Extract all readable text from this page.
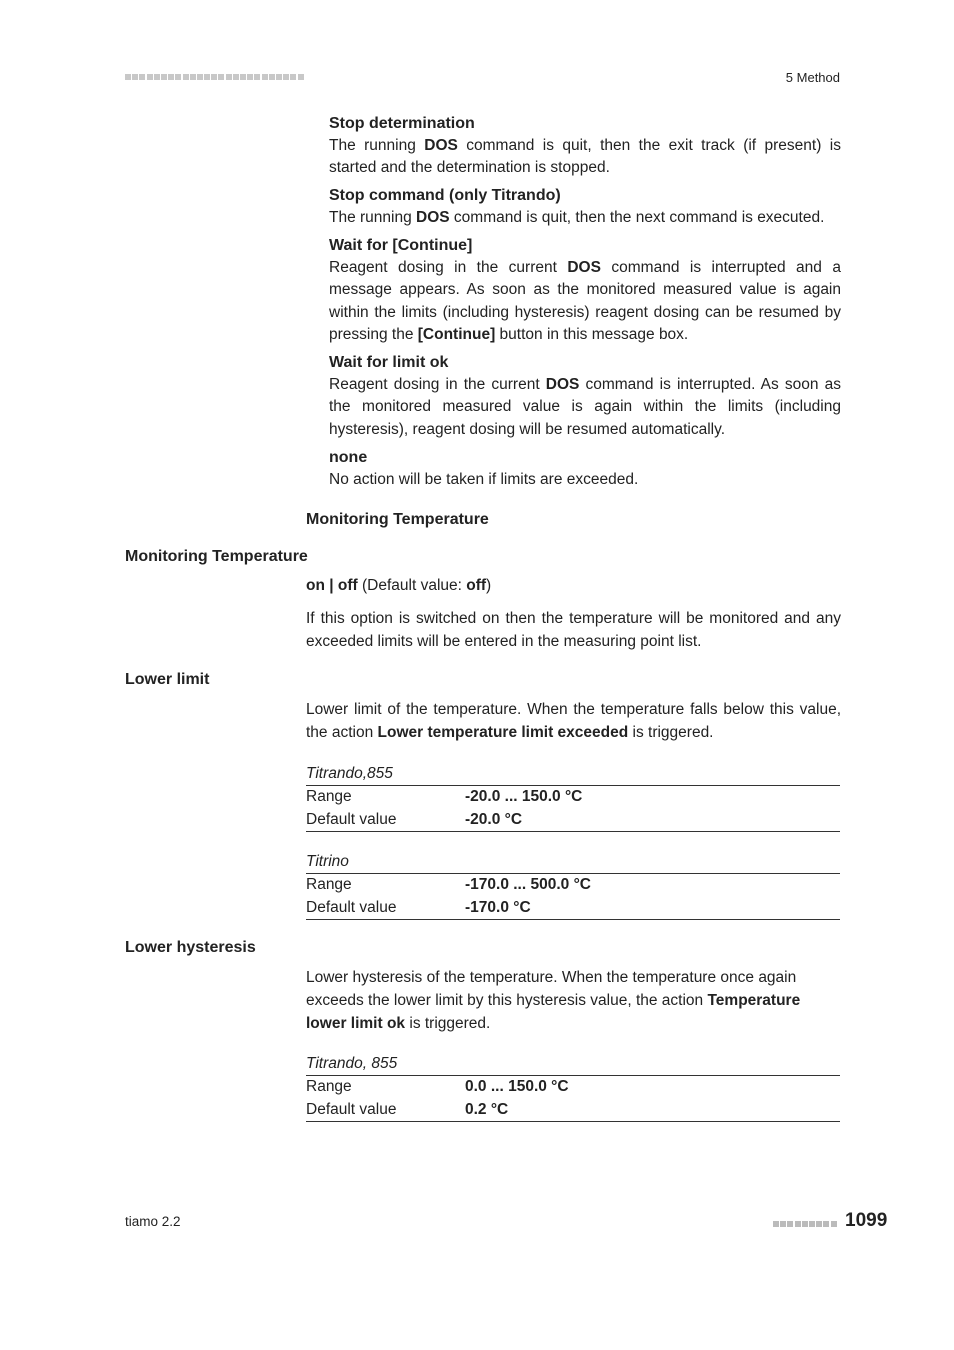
5 Method
Stop determination
The running DOS command is quit, then the exit track (if present) is started and the determination is stopped.
Stop command (only Titrando)
The running DOS command is quit, then the next command is executed.
Wait for [Continue]
Reagent dosing in the current DOS command is interrupted and a message appears. As soon as the monitored measured value is again within the limits (including hysteresis) reagent dosing can be resumed by pressing the [Continue] button in this message box.
Wait for limit ok
Reagent dosing in the current DOS command is interrupted. As soon as the monitored measured value is again within the limits (including hysteresis), reagent dosing will be resumed automatically.
none
No action will be taken if limits are exceeded.
Monitoring Temperature
Monitoring Temperature
on | off (Default value: off)
If this option is switched on then the temperature will be monitored and any exceeded limits will be entered in the measuring point list.
Lower limit
Lower limit of the temperature. When the temperature falls below this value, the action Lower temperature limit exceeded is triggered.
Titrando,855
Range	-20.0 ... 150.0 °C
Default value	-20.0 °C
Titrino
Range	-170.0 ... 500.0 °C
Default value	-170.0 °C
Lower hysteresis
Lower hysteresis of the temperature. When the temperature once again exceeds the lower limit by this hysteresis value, the action Temperature lower limit ok is triggered.
Titrando, 855
Range	0.0 ... 150.0 °C
Default value	0.2 °C
tiamo 2.2	1099
